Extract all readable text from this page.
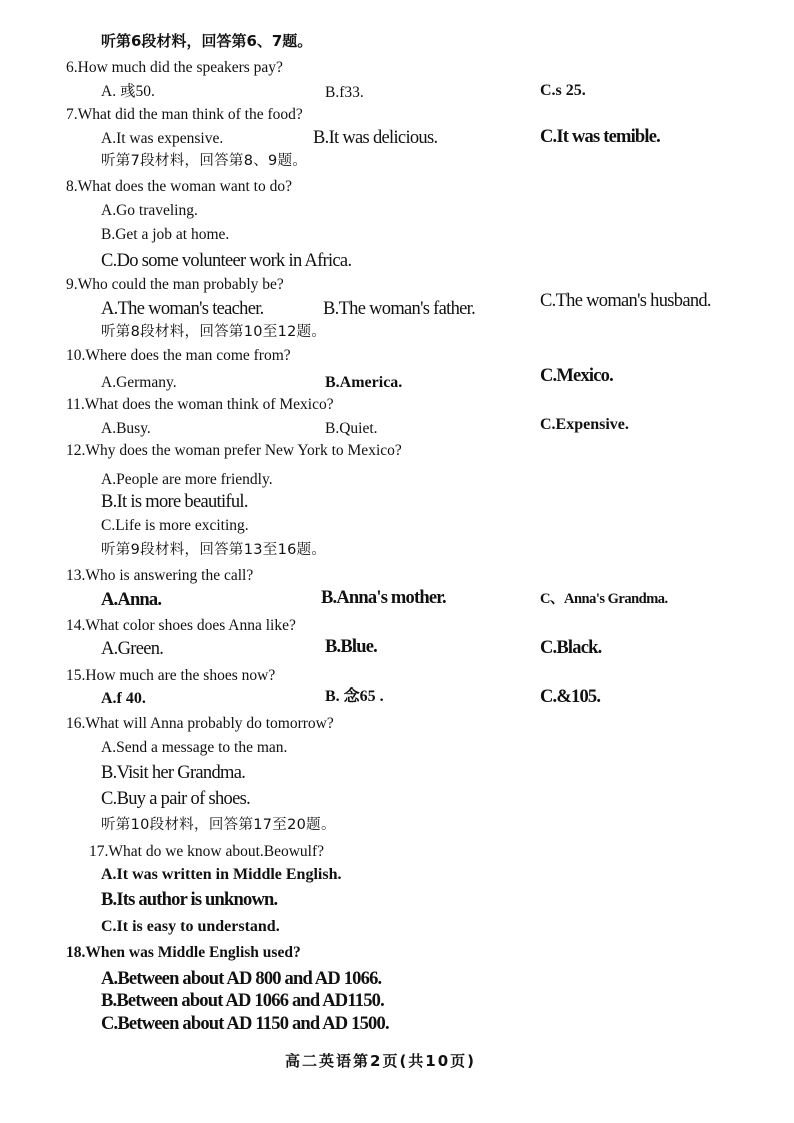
听第6段材料，回答第6、7题。
6.How much did the speakers pay?
A. 彧50.	B.f33.	C.s 25.
7.What did the man think of the food?
A.It was expensive.	B.It was delicious.	C.It was temible.
听第7段材料，回答第8、9题。
8.What does the woman want to do?
A.Go traveling.
B.Get a job at home.
C.Do some volunteer work in Africa.
9.Who could the man probably be?
A.The woman's teacher.	B.The woman's father.	C.The woman's husband.
听第8段材料，回答第10至12题。
10.Where does the man come from?
A.Germany.	B.America.	C.Mexico.
11.What does the woman think of Mexico?
A.Busy.	B.Quiet.	C.Expensive.
12.Why does the woman prefer New York to Mexico?
A.People are more friendly.
B.It is more beautiful.
C.Life is more exciting.
听第9段材料，回答第13至16题。
13.Who is answering the call?
A.Anna.	B.Anna's mother.	C、Anna's Grandma.
14.What color shoes does Anna like?
A.Green.	B.Blue.	C.Black.
15.How much are the shoes now?
A.f 40.	B. 念65 .	C.&105.
16.What will Anna probably do tomorrow?
A.Send a message to the man.
B.Visit her Grandma.
C.Buy a pair of shoes.
听第10段材料，回答第17至20题。
17.What do we know about.Beowulf?
A.It was written in Middle English.
B.Its author is unknown.
C.It is easy to understand.
18.When was Middle English used?
A.Between about AD 800 and AD 1066.
B.Between about AD 1066 and AD1150.
C.Between about AD 1150 and AD 1500.
高二英语第2页(共10页)
